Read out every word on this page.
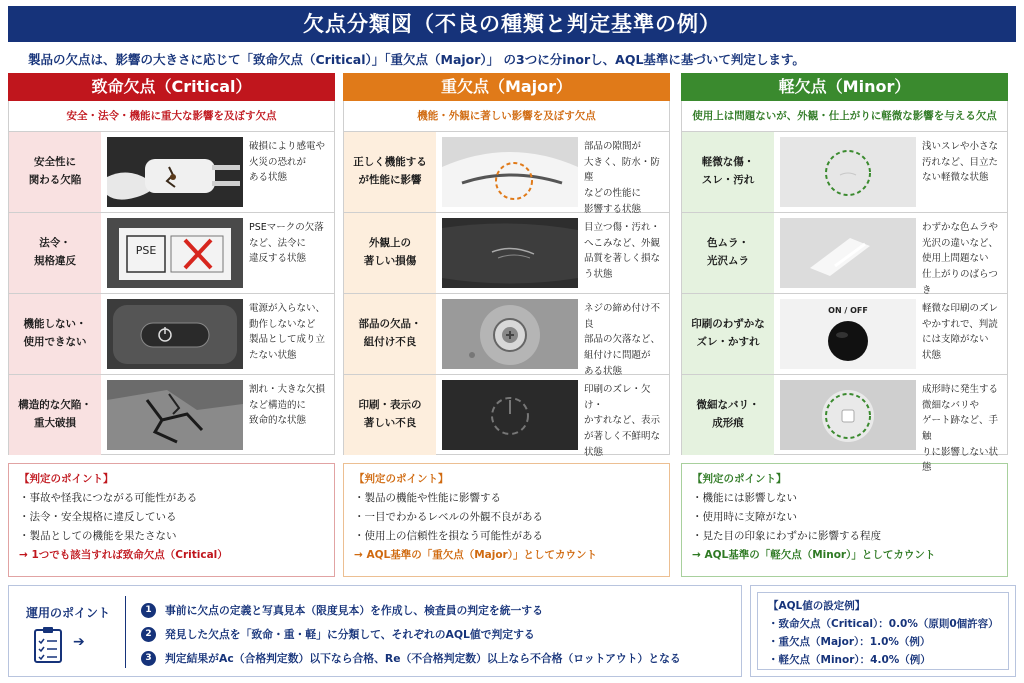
欠点分類図（不良の種類と判定基準の例）
製品の欠点は、影響の大きさに応じて「致命欠点（Critical）」「重欠点（Major）」 の3つに分inorし、AQL基準に基づいて判定します。
致命欠点（Critical）
安全・法令・機能に重大な影響を及ぼす欠点
安全性に
関わる欠陥
破損により感電や
火災の恐れが
ある状態
法令・
規格違反
PSE
PSEマークの欠落
など、法令に
違反する状態
機能しない・
使用できない
電源が入らない、
動作しないなど
製品として成り立
たない状態
構造的な欠陥・
重大破損
割れ・大きな欠損
など構造的に
致命的な状態
【判定のポイント】
・事故や怪我につながる可能性がある
・法令・安全規格に違反している
・製品としての機能を果たさない
→ 1つでも該当すれば致命欠点（Critical）
重欠点（Major）
機能・外観に著しい影響を及ぼす欠点
正しく機能する
が性能に影響
部品の隙間が
大きく、防水・防塵
などの性能に
影響する状態
外観上の
著しい損傷
目立つ傷・汚れ・
へこみなど、外観
品質を著しく損な
う状態
部品の欠品・
組付け不良
ネジの締め付け不良
部品の欠落など、
組付けに問題が
ある状態
印刷・表示の
著しい不良
印刷のズレ・欠け・
かすれなど、表示
が著しく不鮮明な
状態
【判定のポイント】
・製品の機能や性能に影響する
・一目でわかるレベルの外観不良がある
・使用上の信頼性を損なう可能性がある
→ AQL基準の「重欠点（Major）」としてカウント
軽欠点（Minor）
使用上は問題ないが、外観・仕上がりに軽微な影響を与える欠点
軽微な傷・
スレ・汚れ
浅いスレや小さな
汚れなど、目立た
ない軽微な状態
色ムラ・
光沢ムラ
わずかな色ムラや
光沢の違いなど、
使用上問題ない
仕上がりのばらつき
印刷のわずかな
ズレ・かすれ
ON / OFF	軽微な印刷のズレ
やかすれで、判読
には支障がない
状態
微細なバリ・
成形痕
成形時に発生する
微細なバリや
ゲート跡など、手触
りに影響しない状態
【判定のポイント】
・機能には影響しない
・使用時に支障がない
・見た目の印象にわずかに影響する程度
→ AQL基準の「軽欠点（Minor）」としてカウント
運用のポイント
➔
1	事前に欠点の定義と写真見本（限度見本）を作成し、検査員の判定を統一する
2	発見した欠点を「致命・重・軽」に分類して、それぞれのAQL値で判定する
3	判定結果がAc（合格判定数）以下なら合格、Re（不合格判定数）以上なら不合格（ロットアウト）となる
【AQL値の設定例】
・致命欠点（Critical）：0.0%（原則0個許容）
・重欠点（Major）：1.0%（例）
・軽欠点（Minor）：4.0%（例）
